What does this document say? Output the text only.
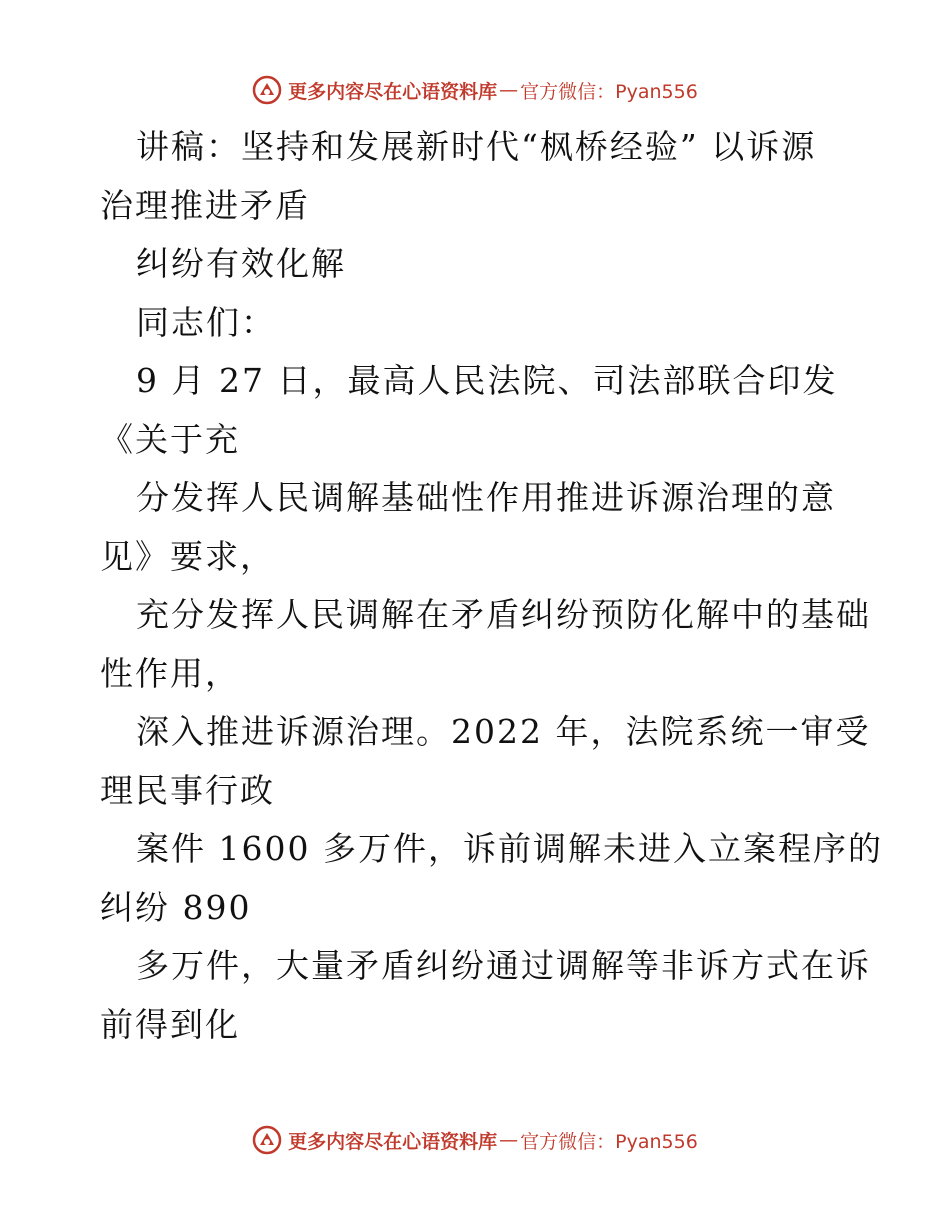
更多内容尽在心语资料库 — 官方微信：Pyan556
讲稿：坚持和发展新时代“枫桥经验” 以诉源
治理推进矛盾
纠纷有效化解
同志们：
9 月 27 日，最高人民法院、司法部联合印发
《关于充
分发挥人民调解基础性作用推进诉源治理的意
见》要求，
充分发挥人民调解在矛盾纠纷预防化解中的基础
性作用，
深入推进诉源治理。2022 年，法院系统一审受
理民事行政
案件 1600 多万件，诉前调解未进入立案程序的
纠纷 890
多万件，大量矛盾纠纷通过调解等非诉方式在诉
前得到化
更多内容尽在心语资料库 — 官方微信：Pyan556
